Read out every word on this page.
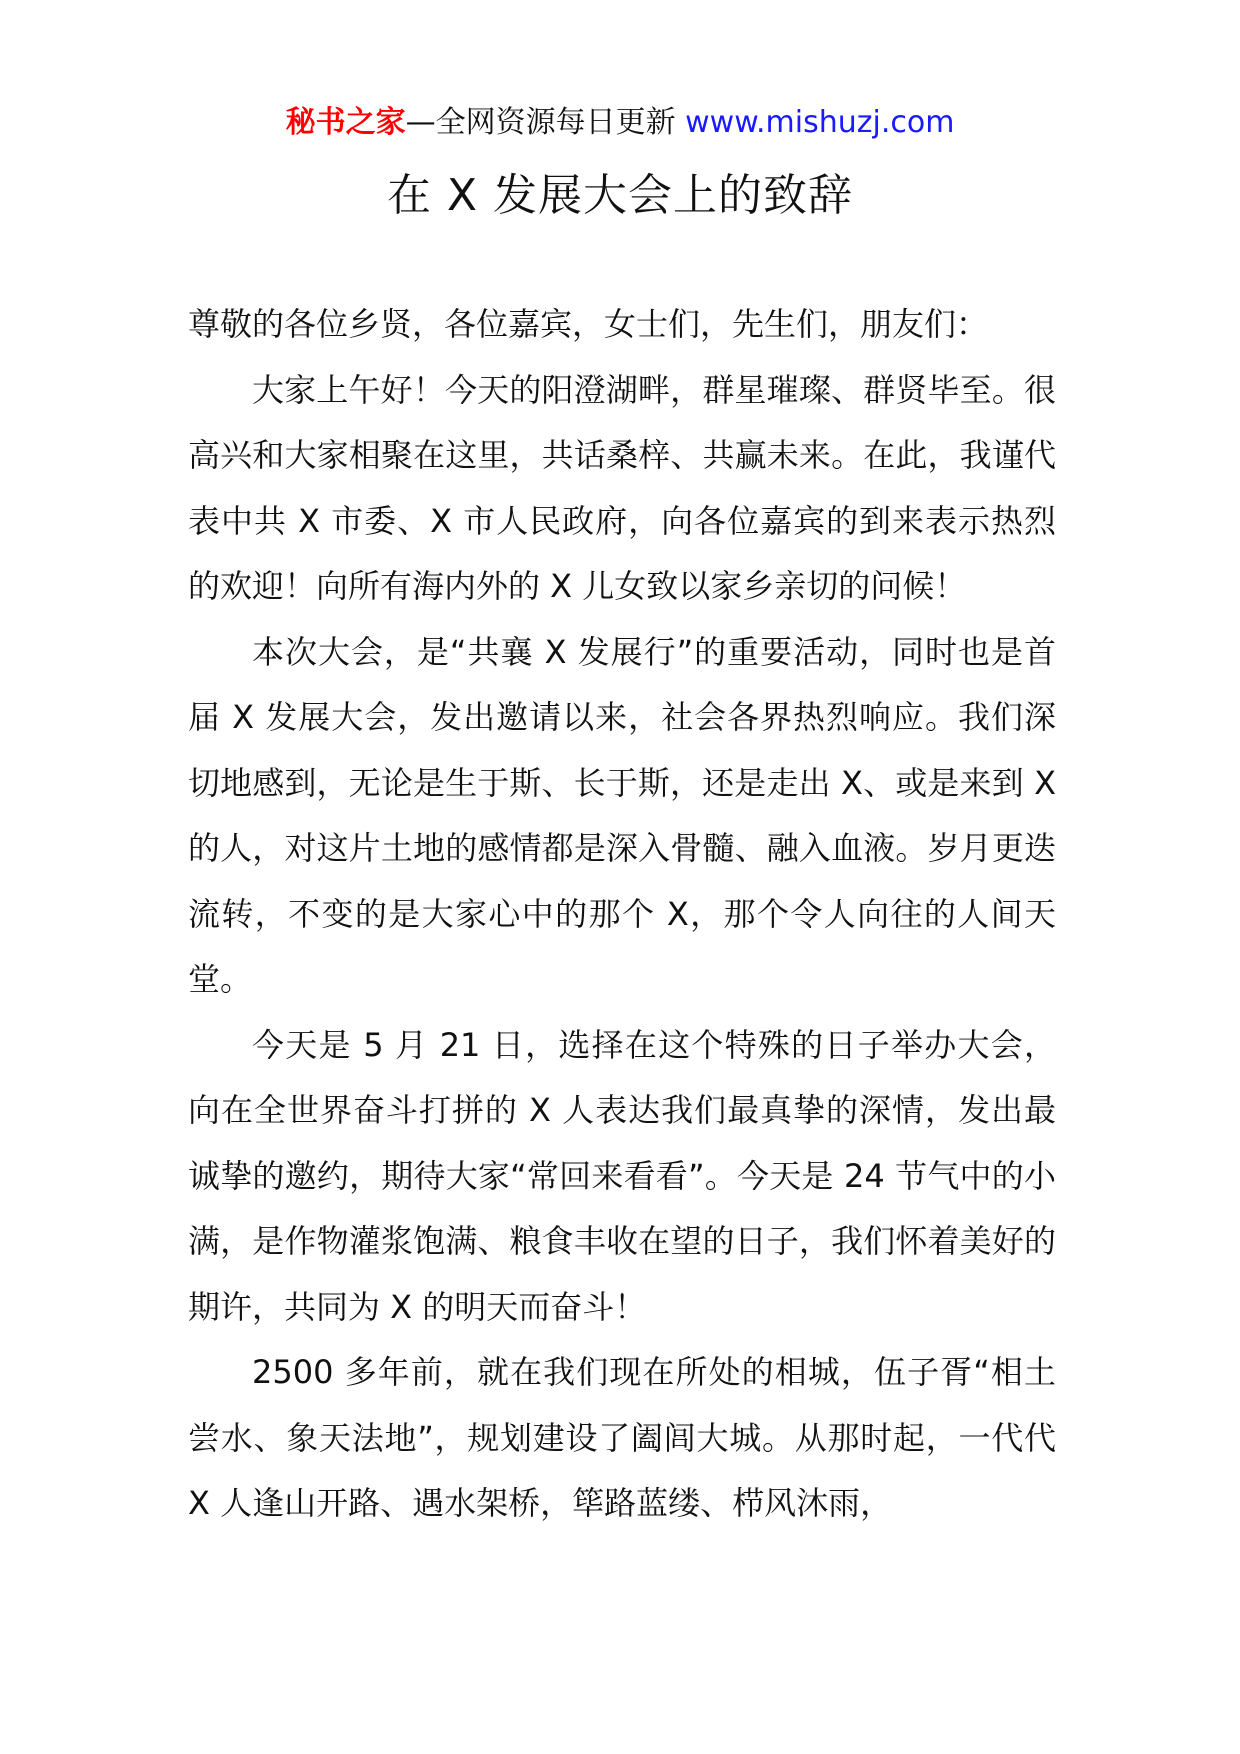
秘书之家—全网资源每日更新 www.mishuzj.com
在 X 发展大会上的致辞

尊敬的各位乡贤，各位嘉宾，女士们，先生们，朋友们：

大家上午好！今天的阳澄湖畔，群星璀璨、群贤毕至。很高兴和大家相聚在这里，共话桑梓、共赢未来。在此，我谨代表中共 X 市委、X 市人民政府，向各位嘉宾的到来表示热烈的欢迎！向所有海内外的 X 儿女致以家乡亲切的问候！

本次大会，是“共襄 X 发展行”的重要活动，同时也是首届 X 发展大会，发出邀请以来，社会各界热烈响应。我们深切地感到，无论是生于斯、长于斯，还是走出 X、或是来到 X 的人，对这片土地的感情都是深入骨髓、融入血液。岁月更迭流转，不变的是大家心中的那个 X，那个令人向往的人间天堂。

今天是 5 月 21 日，选择在这个特殊的日子举办大会，向在全世界奋斗打拼的 X 人表达我们最真挚的深情，发出最诚挚的邀约，期待大家“常回来看看”。今天是 24 节气中的小满，是作物灌浆饱满、粮食丰收在望的日子，我们怀着美好的期许，共同为 X 的明天而奋斗！

2500 多年前，就在我们现在所处的相城，伍子胥“相土尝水、象天法地”，规划建设了阖闾大城。从那时起，一代代 X 人逢山开路、遇水架桥，筚路蓝缕、栉风沐雨，
